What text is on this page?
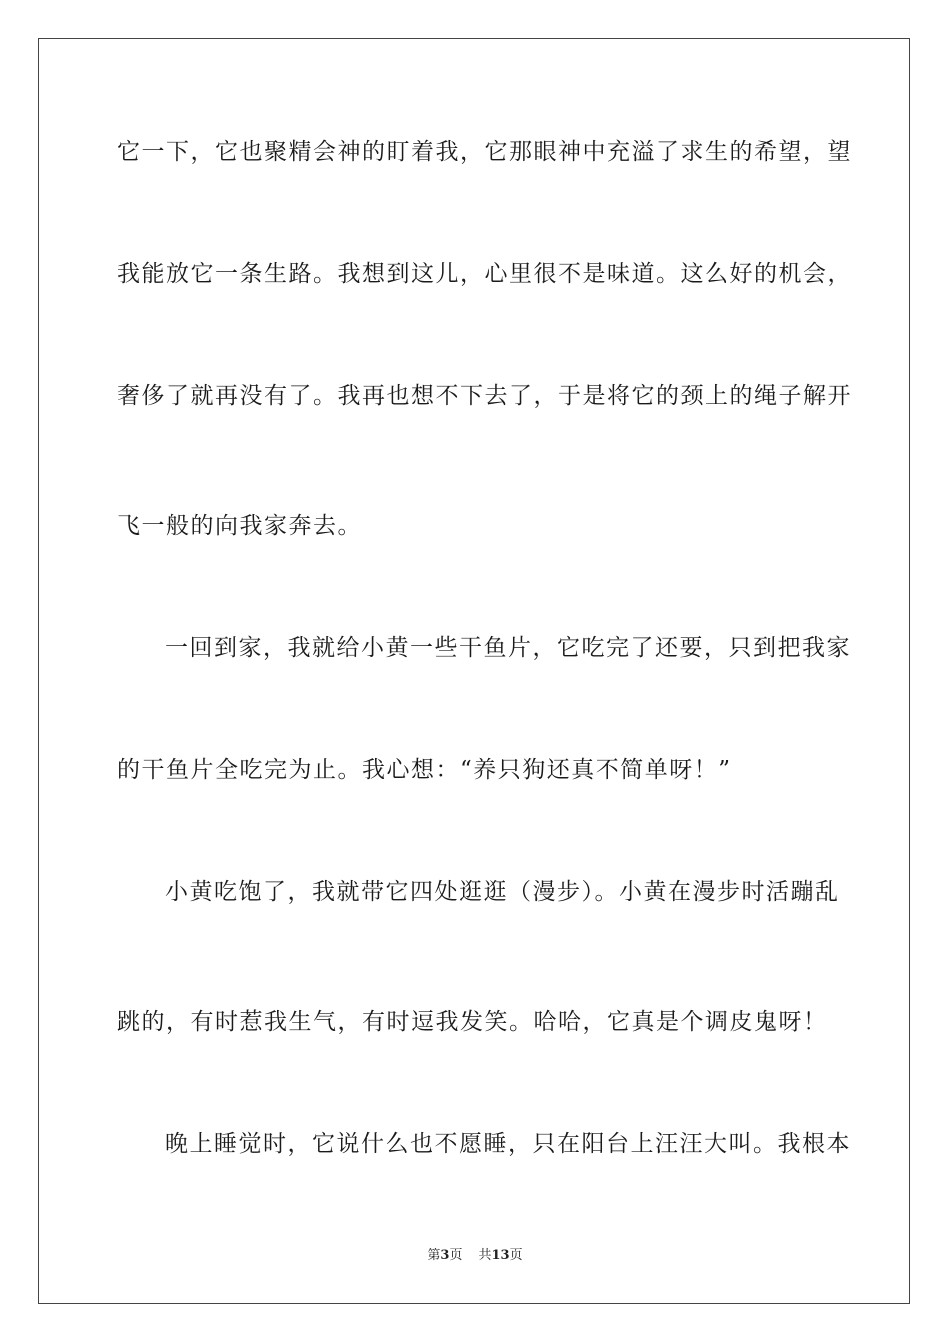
它一下，它也聚精会神的盯着我，它那眼神中充溢了求生的希望，望
我能放它一条生路。我想到这儿，心里很不是味道。这么好的机会，
奢侈了就再没有了。我再也想不下去了，于是将它的颈上的绳子解开
飞一般的向我家奔去。
一回到家，我就给小黄一些干鱼片，它吃完了还要，只到把我家
的干鱼片全吃完为止。我心想：“养只狗还真不简单呀！”
小黄吃饱了，我就带它四处逛逛（漫步）。小黄在漫步时活蹦乱
跳的，有时惹我生气，有时逗我发笑。哈哈，它真是个调皮鬼呀！
晚上睡觉时，它说什么也不愿睡，只在阳台上汪汪大叫。我根本
第3页 共13页
